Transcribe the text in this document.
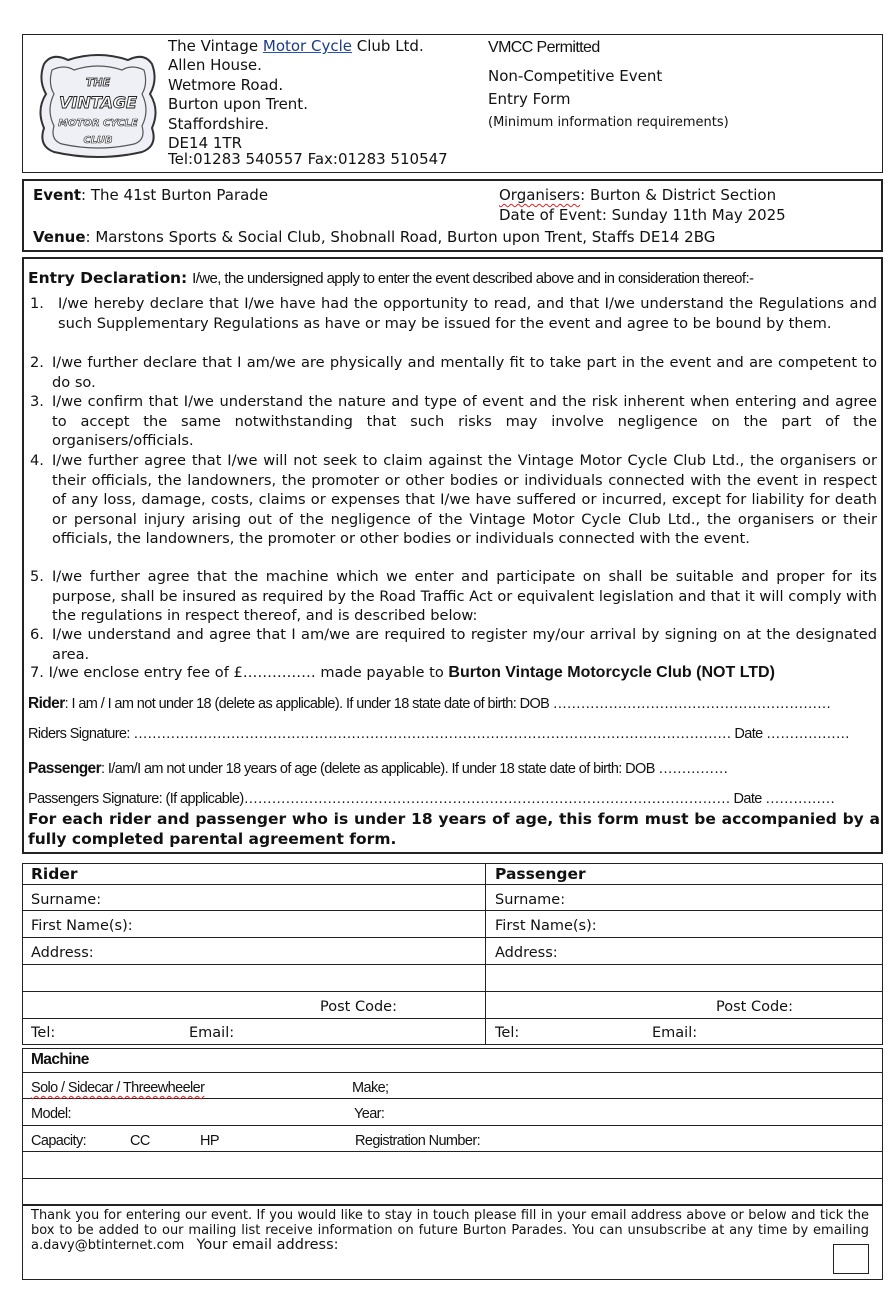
THE
VINTAGE
MOTOR CYCLE
CLUB
The Vintage Motor Cycle Club Ltd.
Allen House.
Wetmore Road.
Burton upon Trent.
Staffordshire.
DE14 1TR
Tel:01283 540557 Fax:01283 510547
VMCC Permitted
Non-Competitive Event
Entry Form
(Minimum information requirements)
Event: The 41st Burton Parade	Organisers: Burton & District Section
Date of Event: Sunday 11th May 2025
Venue: Marstons Sports & Social Club, Shobnall Road, Burton upon Trent, Staffs DE14 2BG
Entry Declaration: I/we, the undersigned apply to enter the event described above and in consideration thereof:-
1. I/we hereby declare that I/we have had the opportunity to read, and that I/we understand the Regulations and such Supplementary Regulations as have or may be issued for the event and agree to be bound by them.
2. I/we further declare that I am/we are physically and mentally fit to take part in the event and are competent to do so.
3. I/we confirm that I/we understand the nature and type of event and the risk inherent when entering and agree to accept the same notwithstanding that such risks may involve negligence on the part of the organisers/officials.
4. I/we further agree that I/we will not seek to claim against the Vintage Motor Cycle Club Ltd., the organisers or their officials, the landowners, the promoter or other bodies or individuals connected with the event in respect of any loss, damage, costs, claims or expenses that I/we have suffered or incurred, except for liability for death or personal injury arising out of the negligence of the Vintage Motor Cycle Club Ltd., the organisers or their officials, the landowners, the promoter or other bodies or individuals connected with the event.
5. I/we further agree that the machine which we enter and participate on shall be suitable and proper for its purpose, shall be insured as required by the Road Traffic Act or equivalent legislation and that it will comply with the regulations in respect thereof, and is described below:
6. I/we understand and agree that I am/we are required to register my/our arrival by signing on at the designated area.
7. I/we enclose entry fee of £…………… made payable to Burton Vintage Motorcycle Club (NOT LTD)
Rider: I am / I am not under 18 (delete as applicable). If under 18 state date of birth: DOB ……………………………………………………
Riders Signature: ………………………………………………………………………………………………………………… Date ………………
Passenger: I/am/I am not under 18 years of age (delete as applicable). If under 18 state date of birth: DOB ……………
Passengers Signature: (If applicable)…………………………………………………………………………………………… Date ……………
For each rider and passenger who is under 18 years of age, this form must be accompanied by a fully completed parental agreement form.
Rider	Passenger
Surname:	Surname:
First Name(s):	First Name(s):
Address:	Address:
Post Code:	Post Code:
Tel:	Email:	Tel:	Email:
Machine
Solo / Sidecar / Threewheeler	Make;
Model:	Year:
Capacity:	CC	HP	Registration Number:
Thank you for entering our event. If you would like to stay in touch please fill in your email address above or below and tick the box to be added to our mailing list receive information on future Burton Parades. You can unsubscribe at any time by emailing a.davy@btinternet.com Your email address:
